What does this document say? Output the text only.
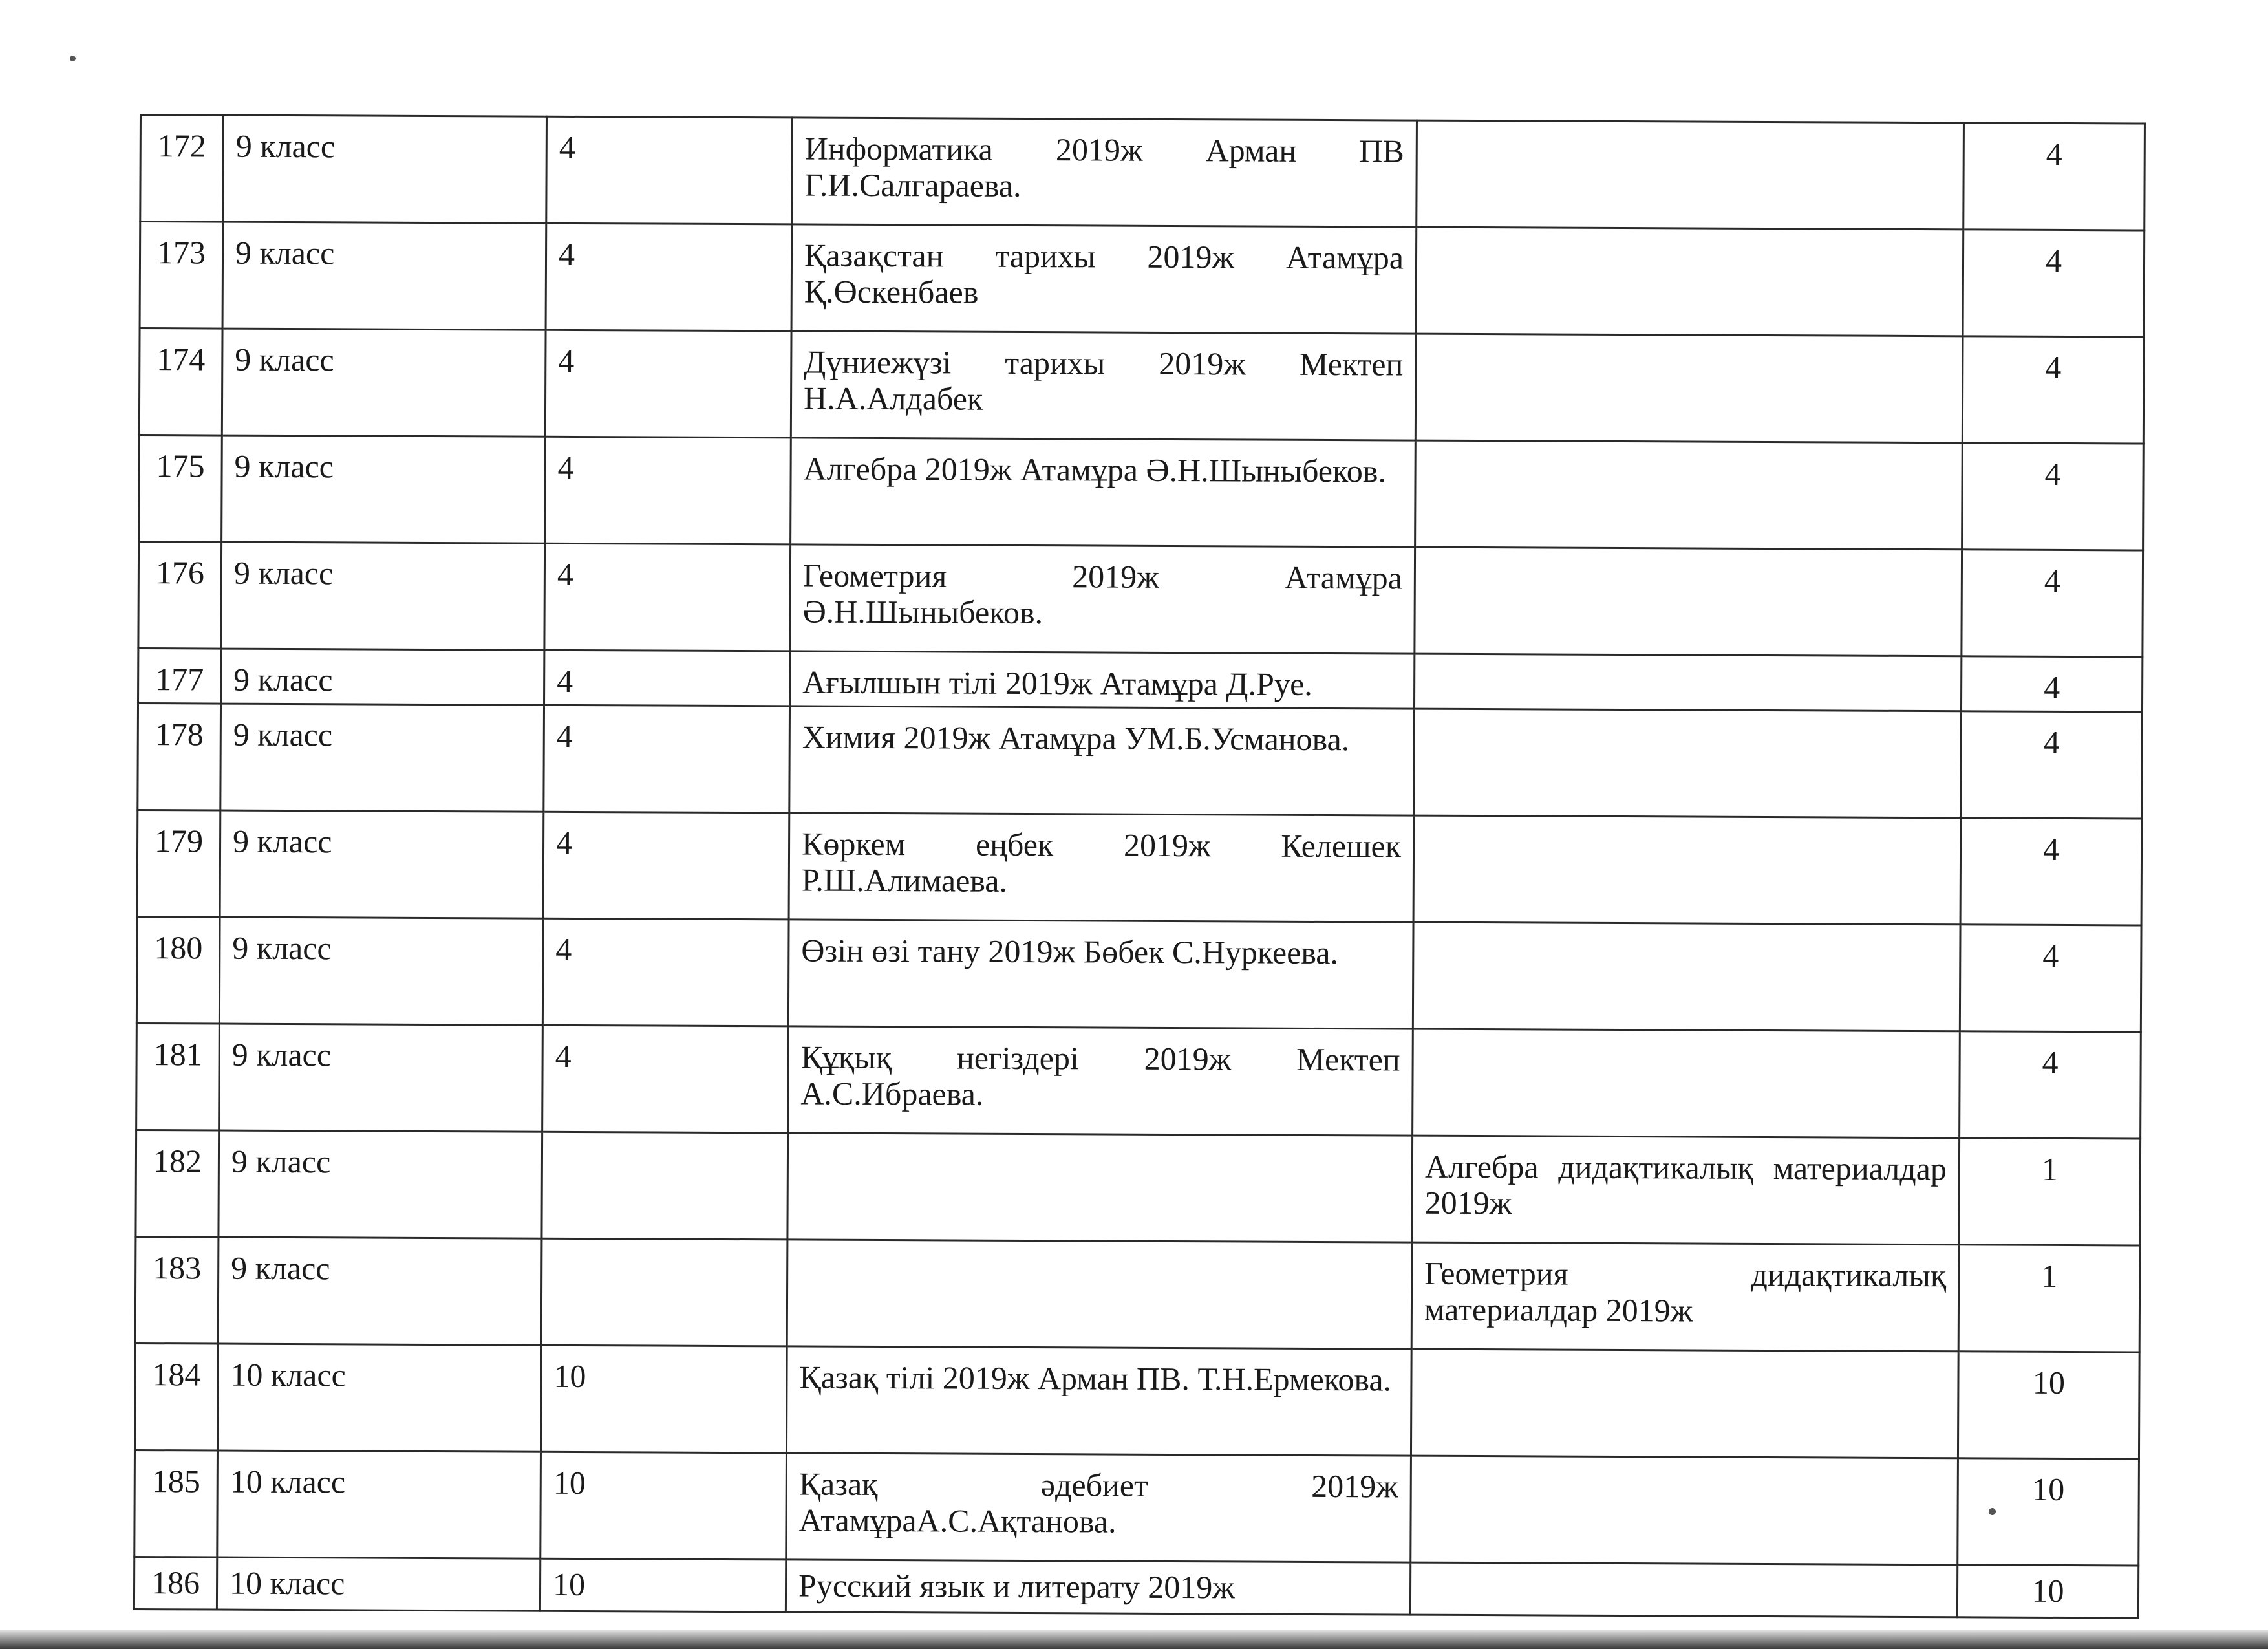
172	9 класс	4	Информатика 2019ж Арман ПВ Г.И.Салгараева.		4
173	9 класс	4	Қазақстан тарихы 2019ж Атамұра Қ.Өскенбаев		4
174	9 класс	4	Дүниежүзі тарихы 2019ж Мектеп Н.А.Алдабек		4
175	9 класс	4	Алгебра 2019ж Атамұра Ә.Н.Шыныбеков.		4
176	9 класс	4	Геометрия 2019ж Атамұра Ә.Н.Шыныбеков.		4
177	9 класс	4	Ағылшын тілі 2019ж Атамұра Д.Руе.		4
178	9 класс	4	Химия 2019ж Атамұра УМ.Б.Усманова.		4
179	9 класс	4	Көркем еңбек 2019ж Келешек Р.Ш.Алимаева.		4
180	9 класс	4	Өзін өзі тану 2019ж Бөбек С.Нуркеева.		4
181	9 класс	4	Құқық негіздері 2019ж Мектеп А.С.Ибраева.		4
182	9 класс			Алгебра дидақтикалық материалдар 2019ж	1
183	9 класс			Геометрия дидақтикалық материалдар 2019ж	1
184	10 класс	10	Қазақ тілі 2019ж Арман ПВ. Т.Н.Ермекова.		10
185	10 класс	10	Қазақ әдебиет 2019ж АтамұраА.С.Ақтанова.		10
186	10 класс	10	Русский язык и литерату 2019ж		10
